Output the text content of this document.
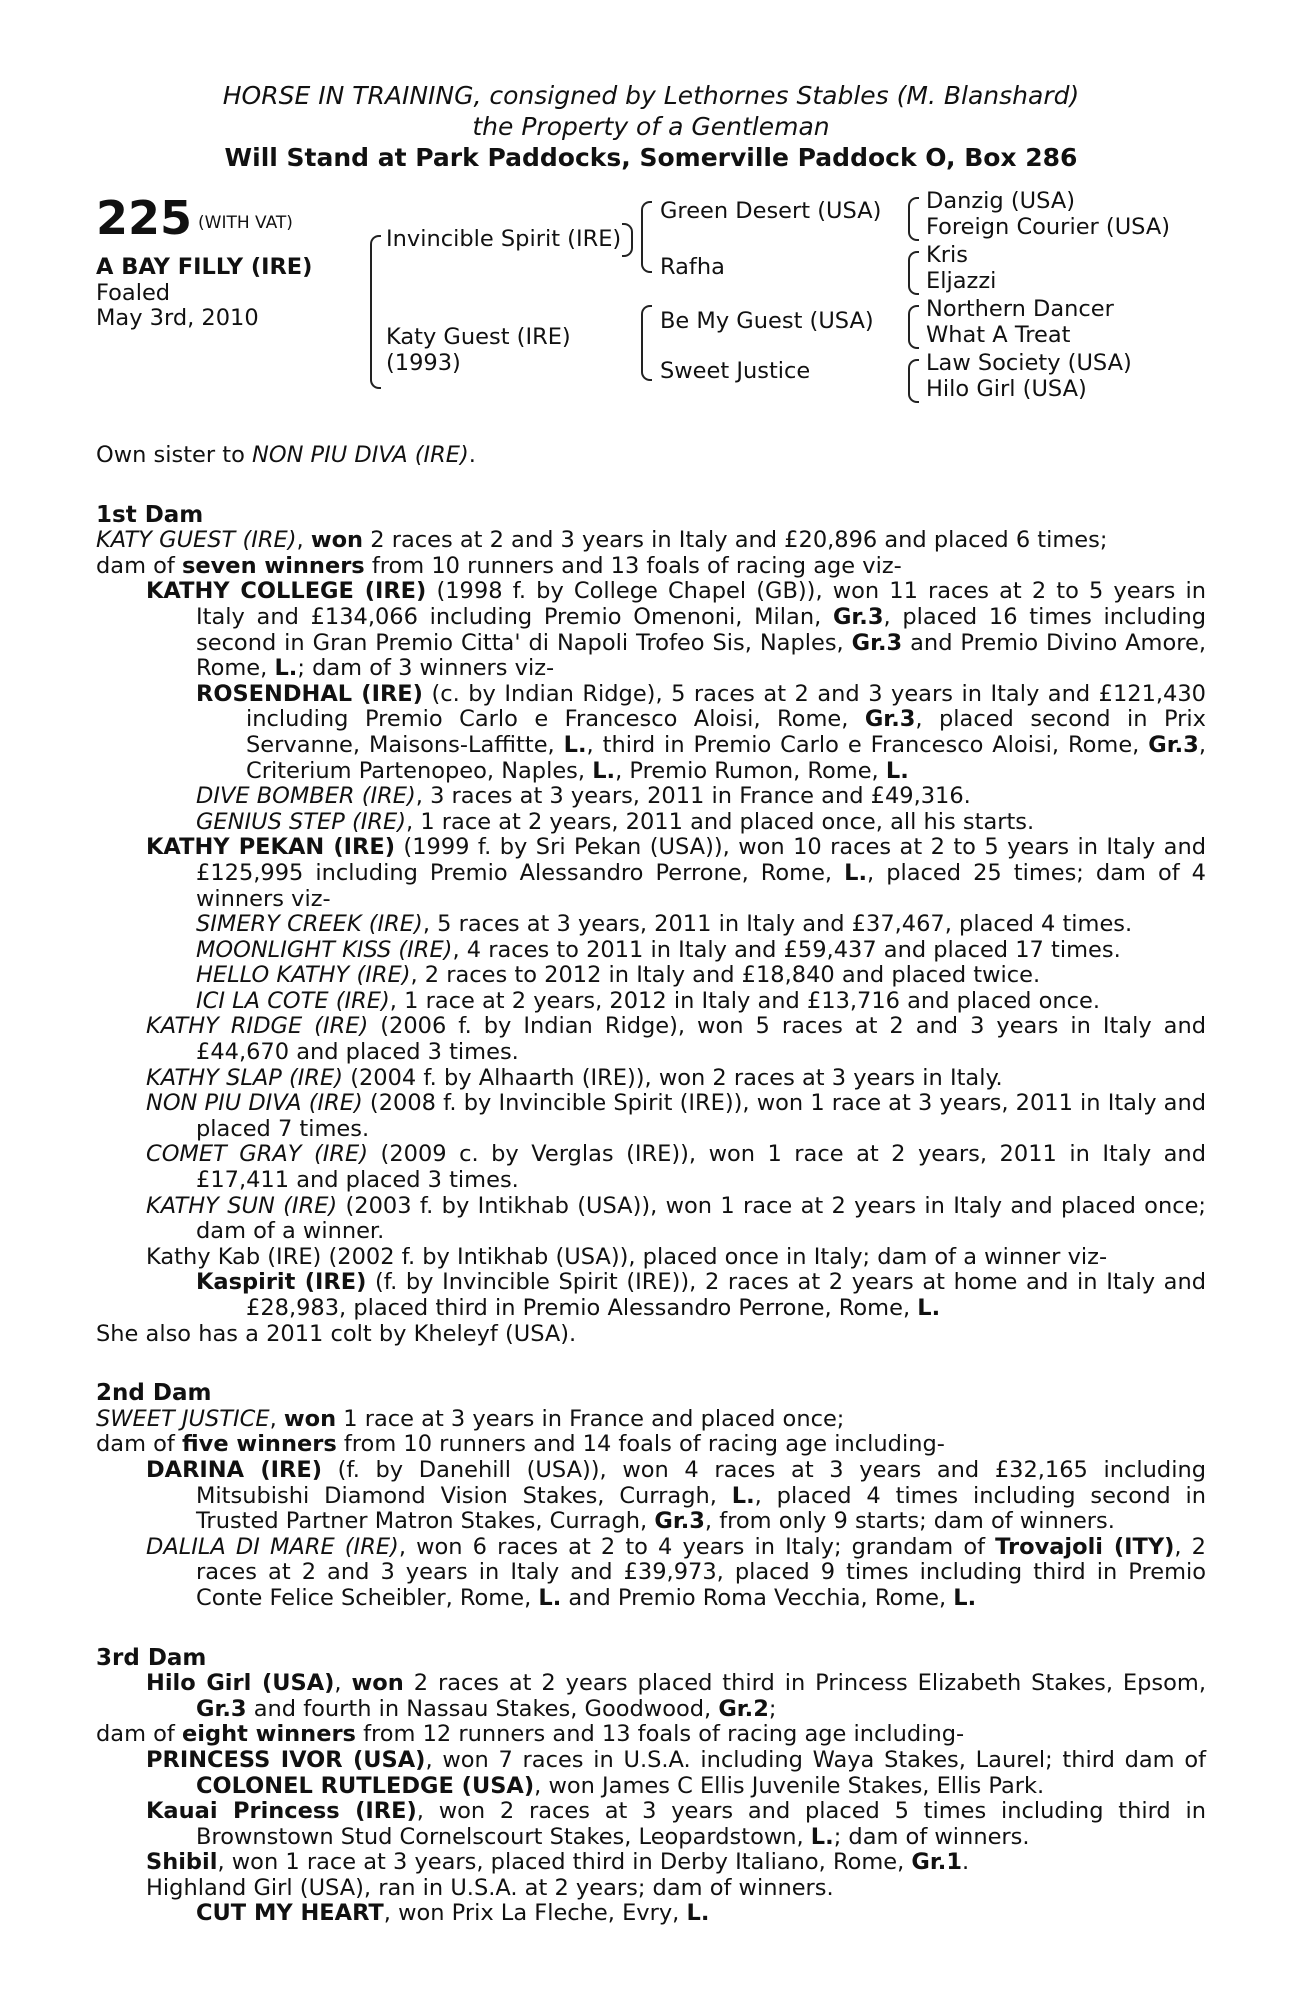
HORSE IN TRAINING, consigned by Lethornes Stables (M. Blanshard)
the Property of a Gentleman
Will Stand at Park Paddocks, Somerville Paddock O, Box 286
225 $^{(WITH VAT)}$
A BAY FILLY (IRE)
Foaled
May 3rd, 2010
Invincible Spirit (IRE)
Katy Guest (IRE)
(1993)
Green Desert (USA)
Rafha
Be My Guest (USA)
Sweet Justice
Danzig (USA)
Foreign Courier (USA)
Kris
Eljazzi
Northern Dancer
What A Treat
Law Society (USA)
Hilo Girl (USA)

Own sister to NON PIU DIVA (IRE).

1st Dam

KATY GUEST (IRE), won 2 races at 2 and 3 years in Italy and £20,896 and placed 6 times;
dam of seven winners from 10 runners and 13 foals of racing age viz-

KATHY COLLEGE (IRE) (1998 f. by College Chapel (GB)), won 11 races at 2 to 5 years in Italy and £134,066 including Premio Omenoni, Milan, Gr.3, placed 16 times including second in Gran Premio Citta' di Napoli Trofeo Sis, Naples, Gr.3 and Premio Divino Amore, Rome, L.; dam of 3 winners viz-

ROSENDHAL (IRE) (c. by Indian Ridge), 5 races at 2 and 3 years in Italy and £121,430 including Premio Carlo e Francesco Aloisi, Rome, Gr.3, placed second in Prix Servanne, Maisons-Laffitte, L., third in Premio Carlo e Francesco Aloisi, Rome, Gr.3, Criterium Partenopeo, Naples, L., Premio Rumon, Rome, L.

DIVE BOMBER (IRE), 3 races at 3 years, 2011 in France and £49,316.

GENIUS STEP (IRE), 1 race at 2 years, 2011 and placed once, all his starts.

KATHY PEKAN (IRE) (1999 f. by Sri Pekan (USA)), won 10 races at 2 to 5 years in Italy and £125,995 including Premio Alessandro Perrone, Rome, L., placed 25 times; dam of 4 winners viz-

SIMERY CREEK (IRE), 5 races at 3 years, 2011 in Italy and £37,467, placed 4 times.

MOONLIGHT KISS (IRE), 4 races to 2011 in Italy and £59,437 and placed 17 times.

HELLO KATHY (IRE), 2 races to 2012 in Italy and £18,840 and placed twice.

ICI LA COTE (IRE), 1 race at 2 years, 2012 in Italy and £13,716 and placed once.

KATHY RIDGE (IRE) (2006 f. by Indian Ridge), won 5 races at 2 and 3 years in Italy and £44,670 and placed 3 times.

KATHY SLAP (IRE) (2004 f. by Alhaarth (IRE)), won 2 races at 3 years in Italy.

NON PIU DIVA (IRE) (2008 f. by Invincible Spirit (IRE)), won 1 race at 3 years, 2011 in Italy and placed 7 times.

COMET GRAY (IRE) (2009 c. by Verglas (IRE)), won 1 race at 2 years, 2011 in Italy and £17,411 and placed 3 times.

KATHY SUN (IRE) (2003 f. by Intikhab (USA)), won 1 race at 2 years in Italy and placed once; dam of a winner.

Kathy Kab (IRE) (2002 f. by Intikhab (USA)), placed once in Italy; dam of a winner viz-

Kaspirit (IRE) (f. by Invincible Spirit (IRE)), 2 races at 2 years at home and in Italy and £28,983, placed third in Premio Alessandro Perrone, Rome, L.

She also has a 2011 colt by Kheleyf (USA).

2nd Dam

SWEET JUSTICE, won 1 race at 3 years in France and placed once;
dam of five winners from 10 runners and 14 foals of racing age including-

DARINA (IRE) (f. by Danehill (USA)), won 4 races at 3 years and £32,165 including Mitsubishi Diamond Vision Stakes, Curragh, L., placed 4 times including second in Trusted Partner Matron Stakes, Curragh, Gr.3, from only 9 starts; dam of winners.

DALILA DI MARE (IRE), won 6 races at 2 to 4 years in Italy; grandam of Trovajoli (ITY), 2 races at 2 and 3 years in Italy and £39,973, placed 9 times including third in Premio Conte Felice Scheibler, Rome, L. and Premio Roma Vecchia, Rome, L.

3rd Dam

Hilo Girl (USA), won 2 races at 2 years placed third in Princess Elizabeth Stakes, Epsom, Gr.3 and fourth in Nassau Stakes, Goodwood, Gr.2;
dam of eight winners from 12 runners and 13 foals of racing age including-

PRINCESS IVOR (USA), won 7 races in U.S.A. including Waya Stakes, Laurel; third dam of COLONEL RUTLEDGE (USA), won James C Ellis Juvenile Stakes, Ellis Park.

Kauai Princess (IRE), won 2 races at 3 years and placed 5 times including third in Brownstown Stud Cornelscourt Stakes, Leopardstown, L.; dam of winners.

Shibil, won 1 race at 3 years, placed third in Derby Italiano, Rome, Gr.1.

Highland Girl (USA), ran in U.S.A. at 2 years; dam of winners.

CUT MY HEART, won Prix La Fleche, Evry, L.
